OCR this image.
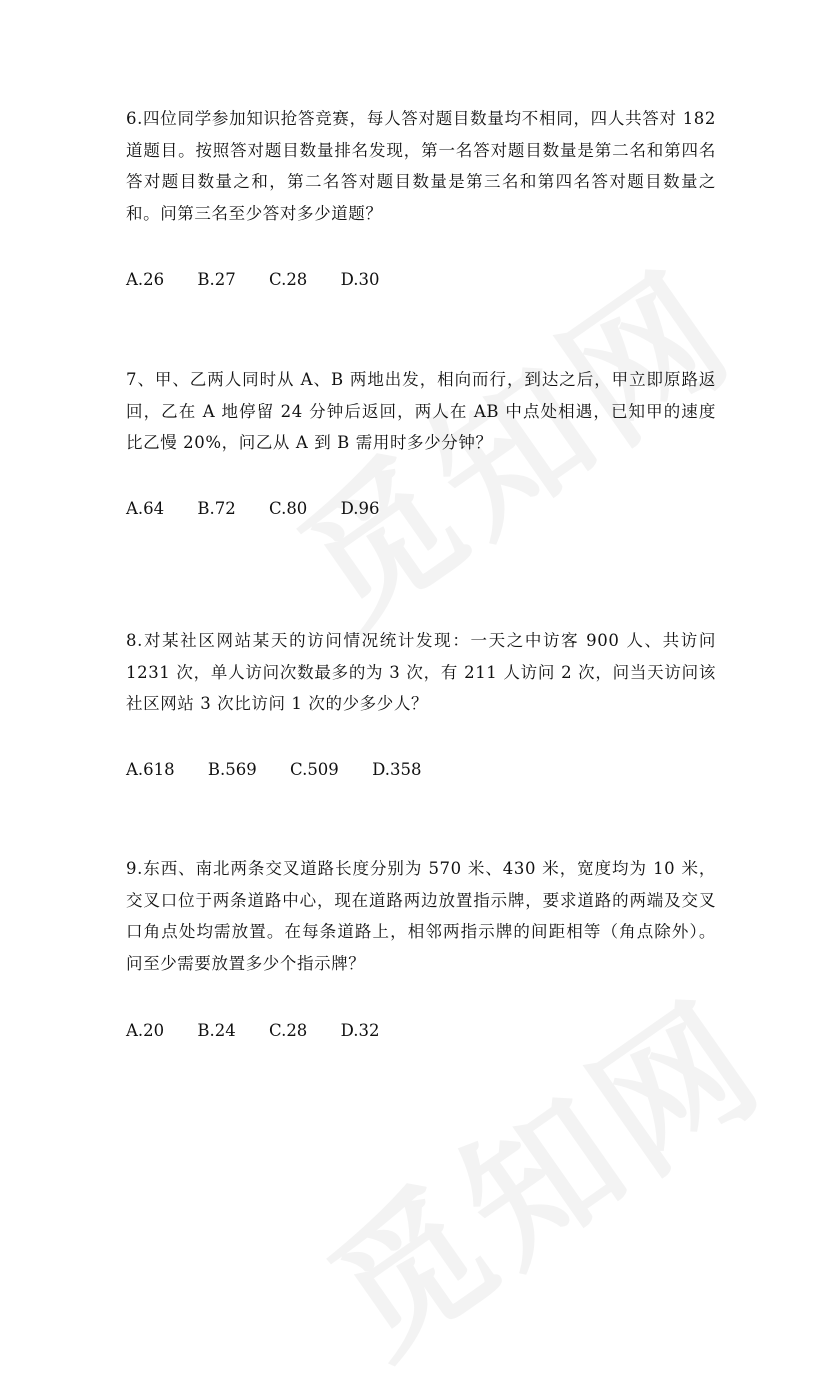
6.四位同学参加知识抢答竞赛，每人答对题目数量均不相同，四人共答对 182 道题目。按照答对题目数量排名发现，第一名答对题目数量是第二名和第四名答对题目数量之和，第二名答对题目数量是第三名和第四名答对题目数量之和。问第三名至少答对多少道题？
A.26 B.27 C.28 D.30
7、甲、乙两人同时从 A、B 两地出发，相向而行，到达之后，甲立即原路返回，乙在 A 地停留 24 分钟后返回，两人在 AB 中点处相遇，已知甲的速度比乙慢 20%，问乙从 A 到 B 需用时多少分钟？
A.64 B.72 C.80 D.96
8.对某社区网站某天的访问情况统计发现：一天之中访客 900 人、共访问 1231 次，单人访问次数最多的为 3 次，有 211 人访问 2 次，问当天访问该社区网站 3 次比访问 1 次的少多少人？
A.618 B.569 C.509 D.358
9.东西、南北两条交叉道路长度分别为 570 米、430 米，宽度均为 10 米，交叉口位于两条道路中心，现在道路两边放置指示牌，要求道路的两端及交叉口角点处均需放置。在每条道路上，相邻两指示牌的间距相等（角点除外）。问至少需要放置多少个指示牌？
A.20 B.24 C.28 D.32
